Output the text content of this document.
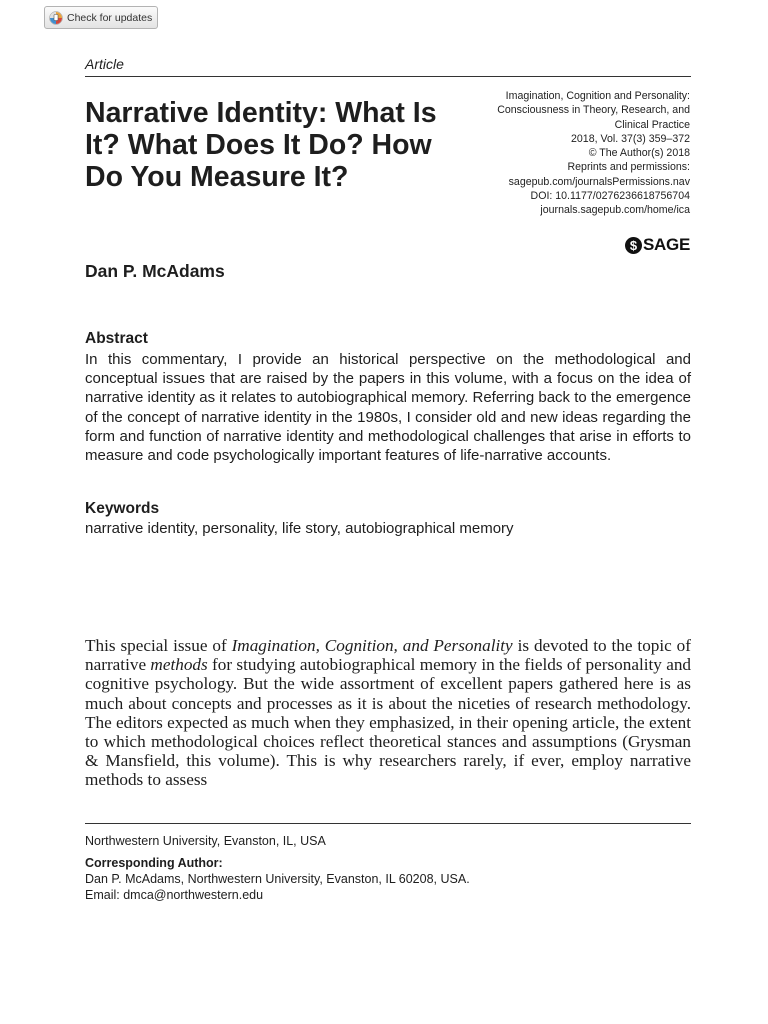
Check for updates
Article
Narrative Identity: What Is It? What Does It Do? How Do You Measure It?
Imagination, Cognition and Personality: Consciousness in Theory, Research, and Clinical Practice
2018, Vol. 37(3) 359–372
© The Author(s) 2018
Reprints and permissions:
sagepub.com/journalsPermissions.nav
DOI: 10.1177/0276236618756704
journals.sagepub.com/home/ica
$ SAGE
Dan P. McAdams
Abstract

In this commentary, I provide an historical perspective on the methodological and conceptual issues that are raised by the papers in this volume, with a focus on the idea of narrative identity as it relates to autobiographical memory. Referring back to the emergence of the concept of narrative identity in the 1980s, I consider old and new ideas regarding the form and function of narrative identity and methodological challenges that arise in efforts to measure and code psychologically important features of life-narrative accounts.

Keywords
narrative identity, personality, life story, autobiographical memory

This special issue of Imagination, Cognition, and Personality is devoted to the topic of narrative methods for studying autobiographical memory in the fields of personality and cognitive psychology. But the wide assortment of excellent papers gathered here is as much about concepts and processes as it is about the niceties of research methodology. The editors expected as much when they emphasized, in their opening article, the extent to which methodological choices reflect theoretical stances and assumptions (Grysman & Mansfield, this volume). This is why researchers rarely, if ever, employ narrative methods to assess

Northwestern University, Evanston, IL, USA
Corresponding Author:
Dan P. McAdams, Northwestern University, Evanston, IL 60208, USA.
Email: dmca@northwestern.edu
